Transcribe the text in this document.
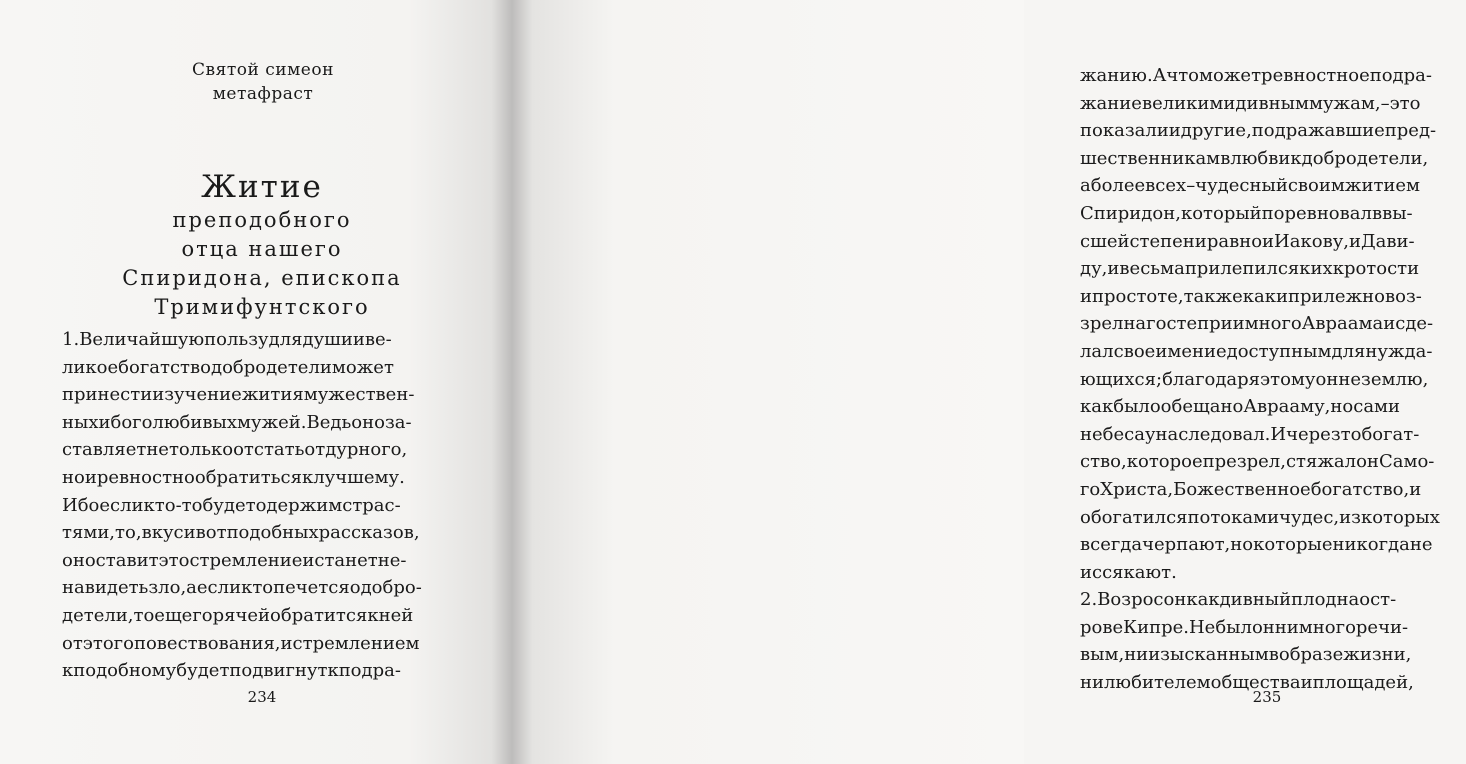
Святой симеон
метафраст
Житие
преподобного
отца нашего
Спиридона, епископа
Тримифунтского
1.Величайшуюпользудлядушииве-
ликоебогатстводобродетелиможет
принестиизучениежитиямужествен-
ныхибоголюбивыхмужей.Ведьоноза-
ставляетнетолькоотстатьотдурного,
ноиревностнообратитьсяклучшему.
Ибоесликто-тобудетодержимстрас-
тями,то,вкусивотподобныхрассказов,
оноставитэтостремлениеистанетне-
навидетьзло,аесликтопечетсяодобро-
детели,тоещегорячейобратитсякней
отэтогоповествования,истремлением
кподобномубудетподвигнуткподра-
234
жанию.Ачтоможетревностноеподра-
жаниевеликимидивныммужам,–это
показалиидругие,подражавшиепред-
шественникамвлюбвикдобродетели,
аболеевсех–чудесныйсвоимжитием
Спиридон,которыйпоревновалввы-
сшейстепениравноиИакову,иДави-
ду,ивесьмаприлепилсякихкротости
ипростоте,такжекакиприлежновоз-
зрелнагостеприимногоАвраамаисде-
лалсвоеимениедоступнымдлянужда-
ющихся;благодаряэтомуоннеземлю,
какбылообещаноАврааму,носами
небесаунаследовал.Ичерезтобогат-
ство,котороепрезрел,стяжалонСамо-
гоХриста,Божественноебогатство,и
обогатилсяпотокамичудес,изкоторых
всегдачерпают,нокоторыеникогдане
иссякают.
2.Возросонкакдивныйплоднаост-
ровеКипре.Небылоннимногоречи-
вым,ниизысканнымвобразежизни,
нилюбителемобществаиплощадей,
235
